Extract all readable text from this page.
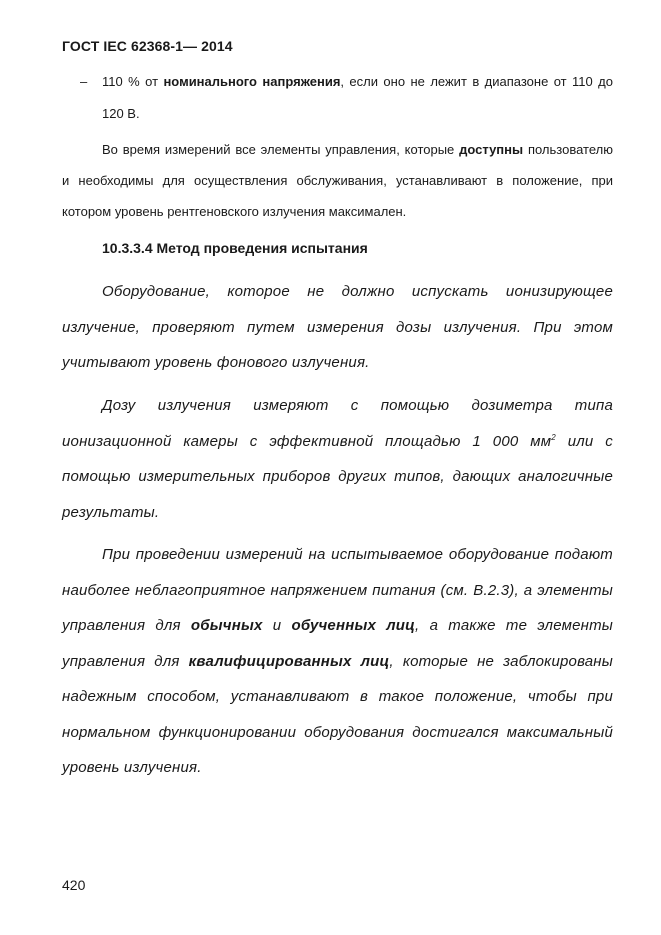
ГОСТ IEC 62368-1— 2014
– 110 % от номинального напряжения, если оно не лежит в диапазоне от 110 до 120 В.
Во время измерений все элементы управления, которые доступны пользователю и необходимы для осуществления обслуживания, устанавливают в положение, при котором уровень рентгеновского излучения максимален.
10.3.3.4 Метод проведения испытания
Оборудование, которое не должно испускать ионизирующее излучение, проверяют путем измерения дозы излучения. При этом учитывают уровень фонового излучения.
Дозу излучения измеряют с помощью дозиметра типа ионизационной камеры с эффективной площадью 1 000 $мм^2$ или с помощью измерительных приборов других типов, дающих аналогичные результаты.
При проведении измерений на испытываемое оборудование подают наиболее неблагоприятное напряжением питания (см. В.2.3), а элементы управления для обычных и обученных лиц, а также те элементы управления для квалифицированных лиц, которые не заблокированы надежным способом, устанавливают в такое положение, чтобы при нормальном функционировании оборудования достигался максимальный уровень излучения.
420
